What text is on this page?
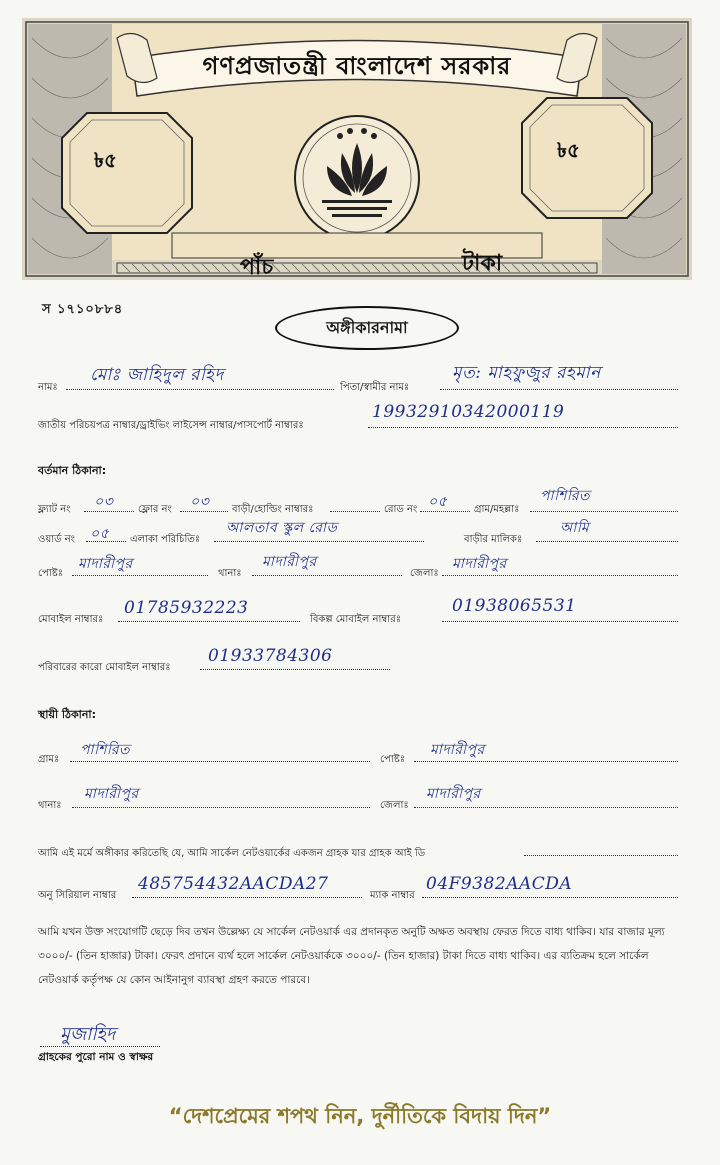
গণপ্রজাতন্ত্রী বাংলাদেশ সরকার
৳৫	৳৫
পাঁচ	টাকা
স ১৭১০৮৮৪
অঙ্গীকারনামা
নামঃ
মোঃ জাহিদুল রহিদ
পিতা/স্বামীর নামঃ
মৃত: মাহফুজুর রহমান
জাতীয় পরিচয়পত্র নাম্বার/ড্রাইভিং লাইসেন্স নাম্বার/পাসপোর্ট নাম্বারঃ
19932910342000119
বর্তমান ঠিকানা:
ফ্ল্যাট নং ০৩ ফ্লোর নং ০৩ বাড়ী/হোল্ডিং নাম্বারঃ	রোড নং ০৫	গ্রাম/মহল্লাঃ
পাশিরিত
ওয়ার্ড নং ০৫ এলাকা পরিচিতিঃ
আলতাব স্কুল রোড
বাড়ীর মালিকঃ
আমি
পোষ্টঃ
মাদারীপুর
থানাঃ
মাদারীপুর
জেলাঃ
মাদারীপুর
মোবাইল নাম্বারঃ
01785932223
বিকল্প মোবাইল নাম্বারঃ
01938065531
পরিবারের কারো মোবাইল নাম্বারঃ
01933784306
স্থায়ী ঠিকানা:
গ্রামঃ
পাশিরিত
পোষ্টঃ
মাদারীপুর
থানাঃ
মাদারীপুর
জেলাঃ
মাদারীপুর
আমি এই মর্মে অঙ্গীকার করিতেছি যে, আমি সার্কেল নেটওয়ার্কের একজন গ্রাহক যার গ্রাহক আই ডি
অনু সিরিয়াল নাম্বার
485754432AACDA27
ম্যাক নাম্বার
04F9382AACDA
আমি যখন উক্ত সংযোগটি ছেড়ে দিব তখন উল্লেক্ষ্য যে সার্কেল নেটওয়ার্ক এর প্রদানকৃত অনুটি অক্ষত অবস্থায় ফেরত দিতে বাধ্য থাকিব। যার বাজার মূল্য ৩০০০/- (তিন হাজার) টাকা। ফেরৎ প্রদানে ব্যর্থ হলে সার্কেল নেটওয়ার্ককে ৩০০০/- (তিন হাজার) টাকা দিতে বাধ্য থাকিব। এর ব্যতিক্রম হলে সার্কেল নেটওয়ার্ক কর্তৃপক্ষ যে কোন আইনানুগ ব্যাবস্থা গ্রহণ করতে পারবে।
মুজাহিদ
গ্রাহকের পুরো নাম ও স্বাক্ষর
“দেশপ্রেমের শপথ নিন, দুর্নীতিকে বিদায় দিন”
